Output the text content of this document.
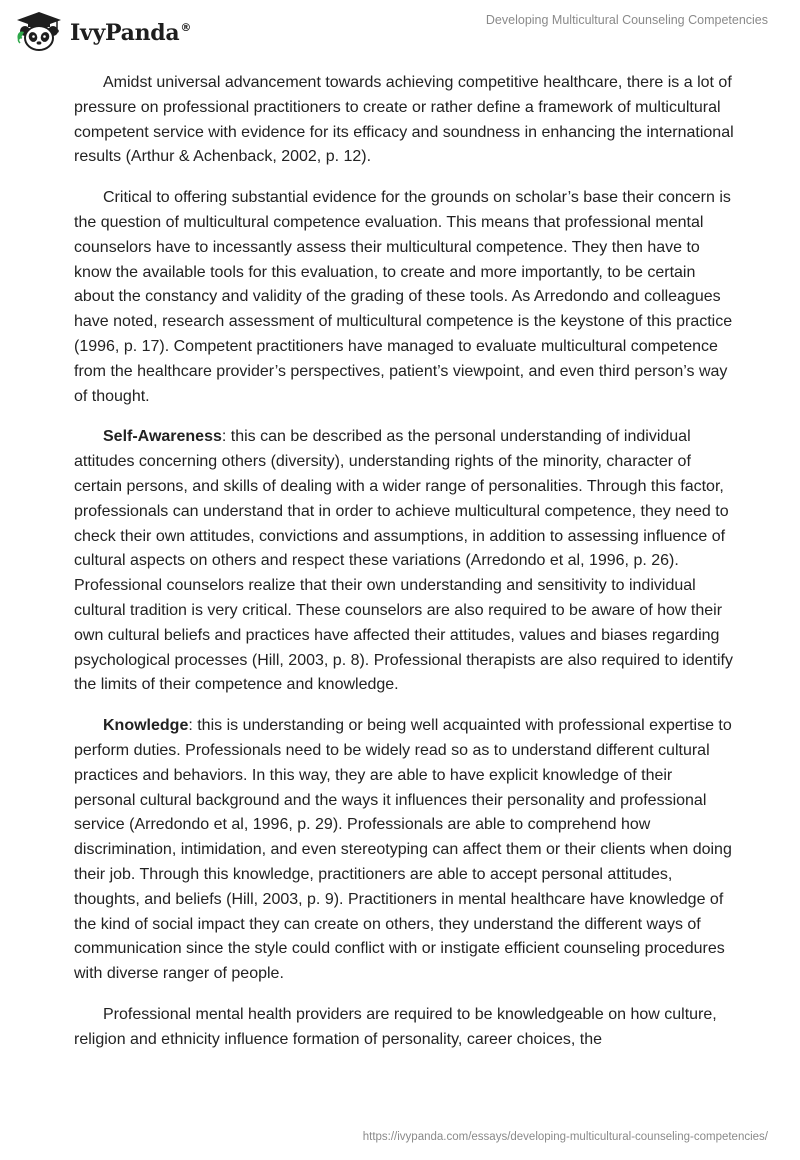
IvyPanda®
Developing Multicultural Counseling Competencies

Amidst universal advancement towards achieving competitive healthcare, there is a lot of pressure on professional practitioners to create or rather define a framework of multicultural competent service with evidence for its efficacy and soundness in enhancing the international results (Arthur & Achenback, 2002, p. 12).

Critical to offering substantial evidence for the grounds on scholar’s base their concern is the question of multicultural competence evaluation. This means that professional mental counselors have to incessantly assess their multicultural competence. They then have to know the available tools for this evaluation, to create and more importantly, to be certain about the constancy and validity of the grading of these tools. As Arredondo and colleagues have noted, research assessment of multicultural competence is the keystone of this practice (1996, p. 17). Competent practitioners have managed to evaluate multicultural competence from the healthcare provider’s perspectives, patient’s viewpoint, and even third person’s way of thought.

Self-Awareness: this can be described as the personal understanding of individual attitudes concerning others (diversity), understanding rights of the minority, character of certain persons, and skills of dealing with a wider range of personalities. Through this factor, professionals can understand that in order to achieve multicultural competence, they need to check their own attitudes, convictions and assumptions, in addition to assessing influence of cultural aspects on others and respect these variations (Arredondo et al, 1996, p. 26). Professional counselors realize that their own understanding and sensitivity to individual cultural tradition is very critical. These counselors are also required to be aware of how their own cultural beliefs and practices have affected their attitudes, values and biases regarding psychological processes (Hill, 2003, p. 8). Professional therapists are also required to identify the limits of their competence and knowledge.

Knowledge: this is understanding or being well acquainted with professional expertise to perform duties. Professionals need to be widely read so as to understand different cultural practices and behaviors. In this way, they are able to have explicit knowledge of their personal cultural background and the ways it influences their personality and professional service (Arredondo et al, 1996, p. 29). Professionals are able to comprehend how discrimination, intimidation, and even stereotyping can affect them or their clients when doing their job. Through this knowledge, practitioners are able to accept personal attitudes, thoughts, and beliefs (Hill, 2003, p. 9). Practitioners in mental healthcare have knowledge of the kind of social impact they can create on others, they understand the different ways of communication since the style could conflict with or instigate efficient counseling procedures with diverse ranger of people.

Professional mental health providers are required to be knowledgeable on how culture, religion and ethnicity influence formation of personality, career choices, the

https://ivypanda.com/essays/developing-multicultural-counseling-competencies/
